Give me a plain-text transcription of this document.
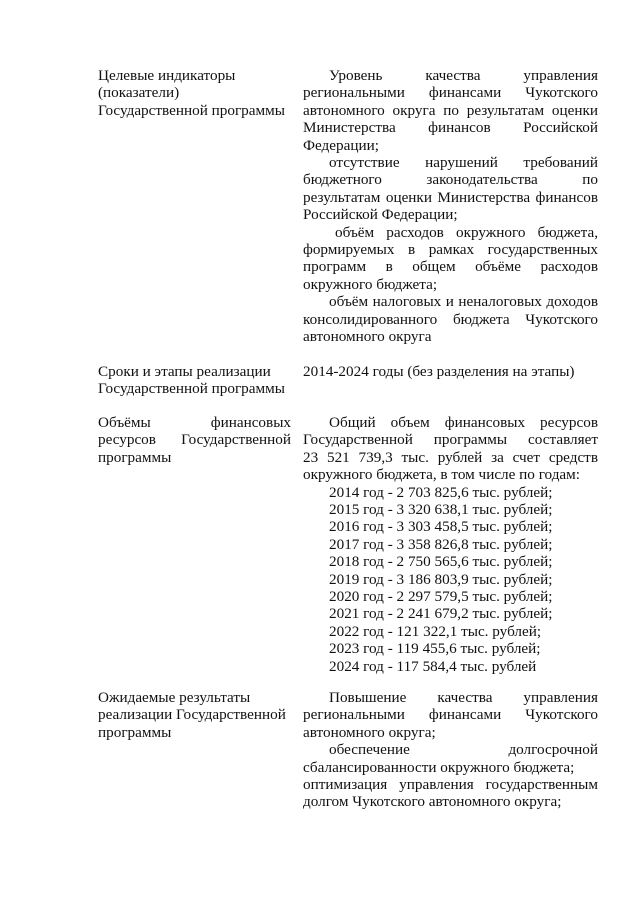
Целевые индикаторы
(показатели)
Государственной программы
Уровень качества управления
региональными финансами Чукотского
автономного округа по результатам оценки
Министерства финансов Российской
Федерации;
отсутствие нарушений требований
бюджетного законодательства по
результатам оценки Министерства финансов
Российской Федерации;
объём расходов окружного бюджета,
формируемых в рамках государственных
программ в общем объёме расходов
окружного бюджета;
объём налоговых и неналоговых доходов
консолидированного бюджета Чукотского
автономного округа
Сроки и этапы реализации
Государственной программы
2014-2024 годы (без разделения на этапы)
Объёмы финансовых
ресурсов Государственной
программы
Общий объем финансовых ресурсов
Государственной программы составляет
23 521 739,3 тыс. рублей за счет средств
окружного бюджета, в том числе по годам:
2014 год - 2 703 825,6 тыс. рублей;
2015 год - 3 320 638,1 тыс. рублей;
2016 год - 3 303 458,5 тыс. рублей;
2017 год - 3 358 826,8 тыс. рублей;
2018 год - 2 750 565,6 тыс. рублей;
2019 год - 3 186 803,9 тыс. рублей;
2020 год - 2 297 579,5 тыс. рублей;
2021 год - 2 241 679,2 тыс. рублей;
2022 год - 121 322,1 тыс. рублей;
2023 год - 119 455,6 тыс. рублей;
2024 год - 117 584,4 тыс. рублей
Ожидаемые результаты
реализации Государственной
программы
Повышение качества управления
региональными финансами Чукотского
автономного округа;
обеспечение долгосрочной
сбалансированности окружного бюджета;
оптимизация управления государственным
долгом Чукотского автономного округа;
